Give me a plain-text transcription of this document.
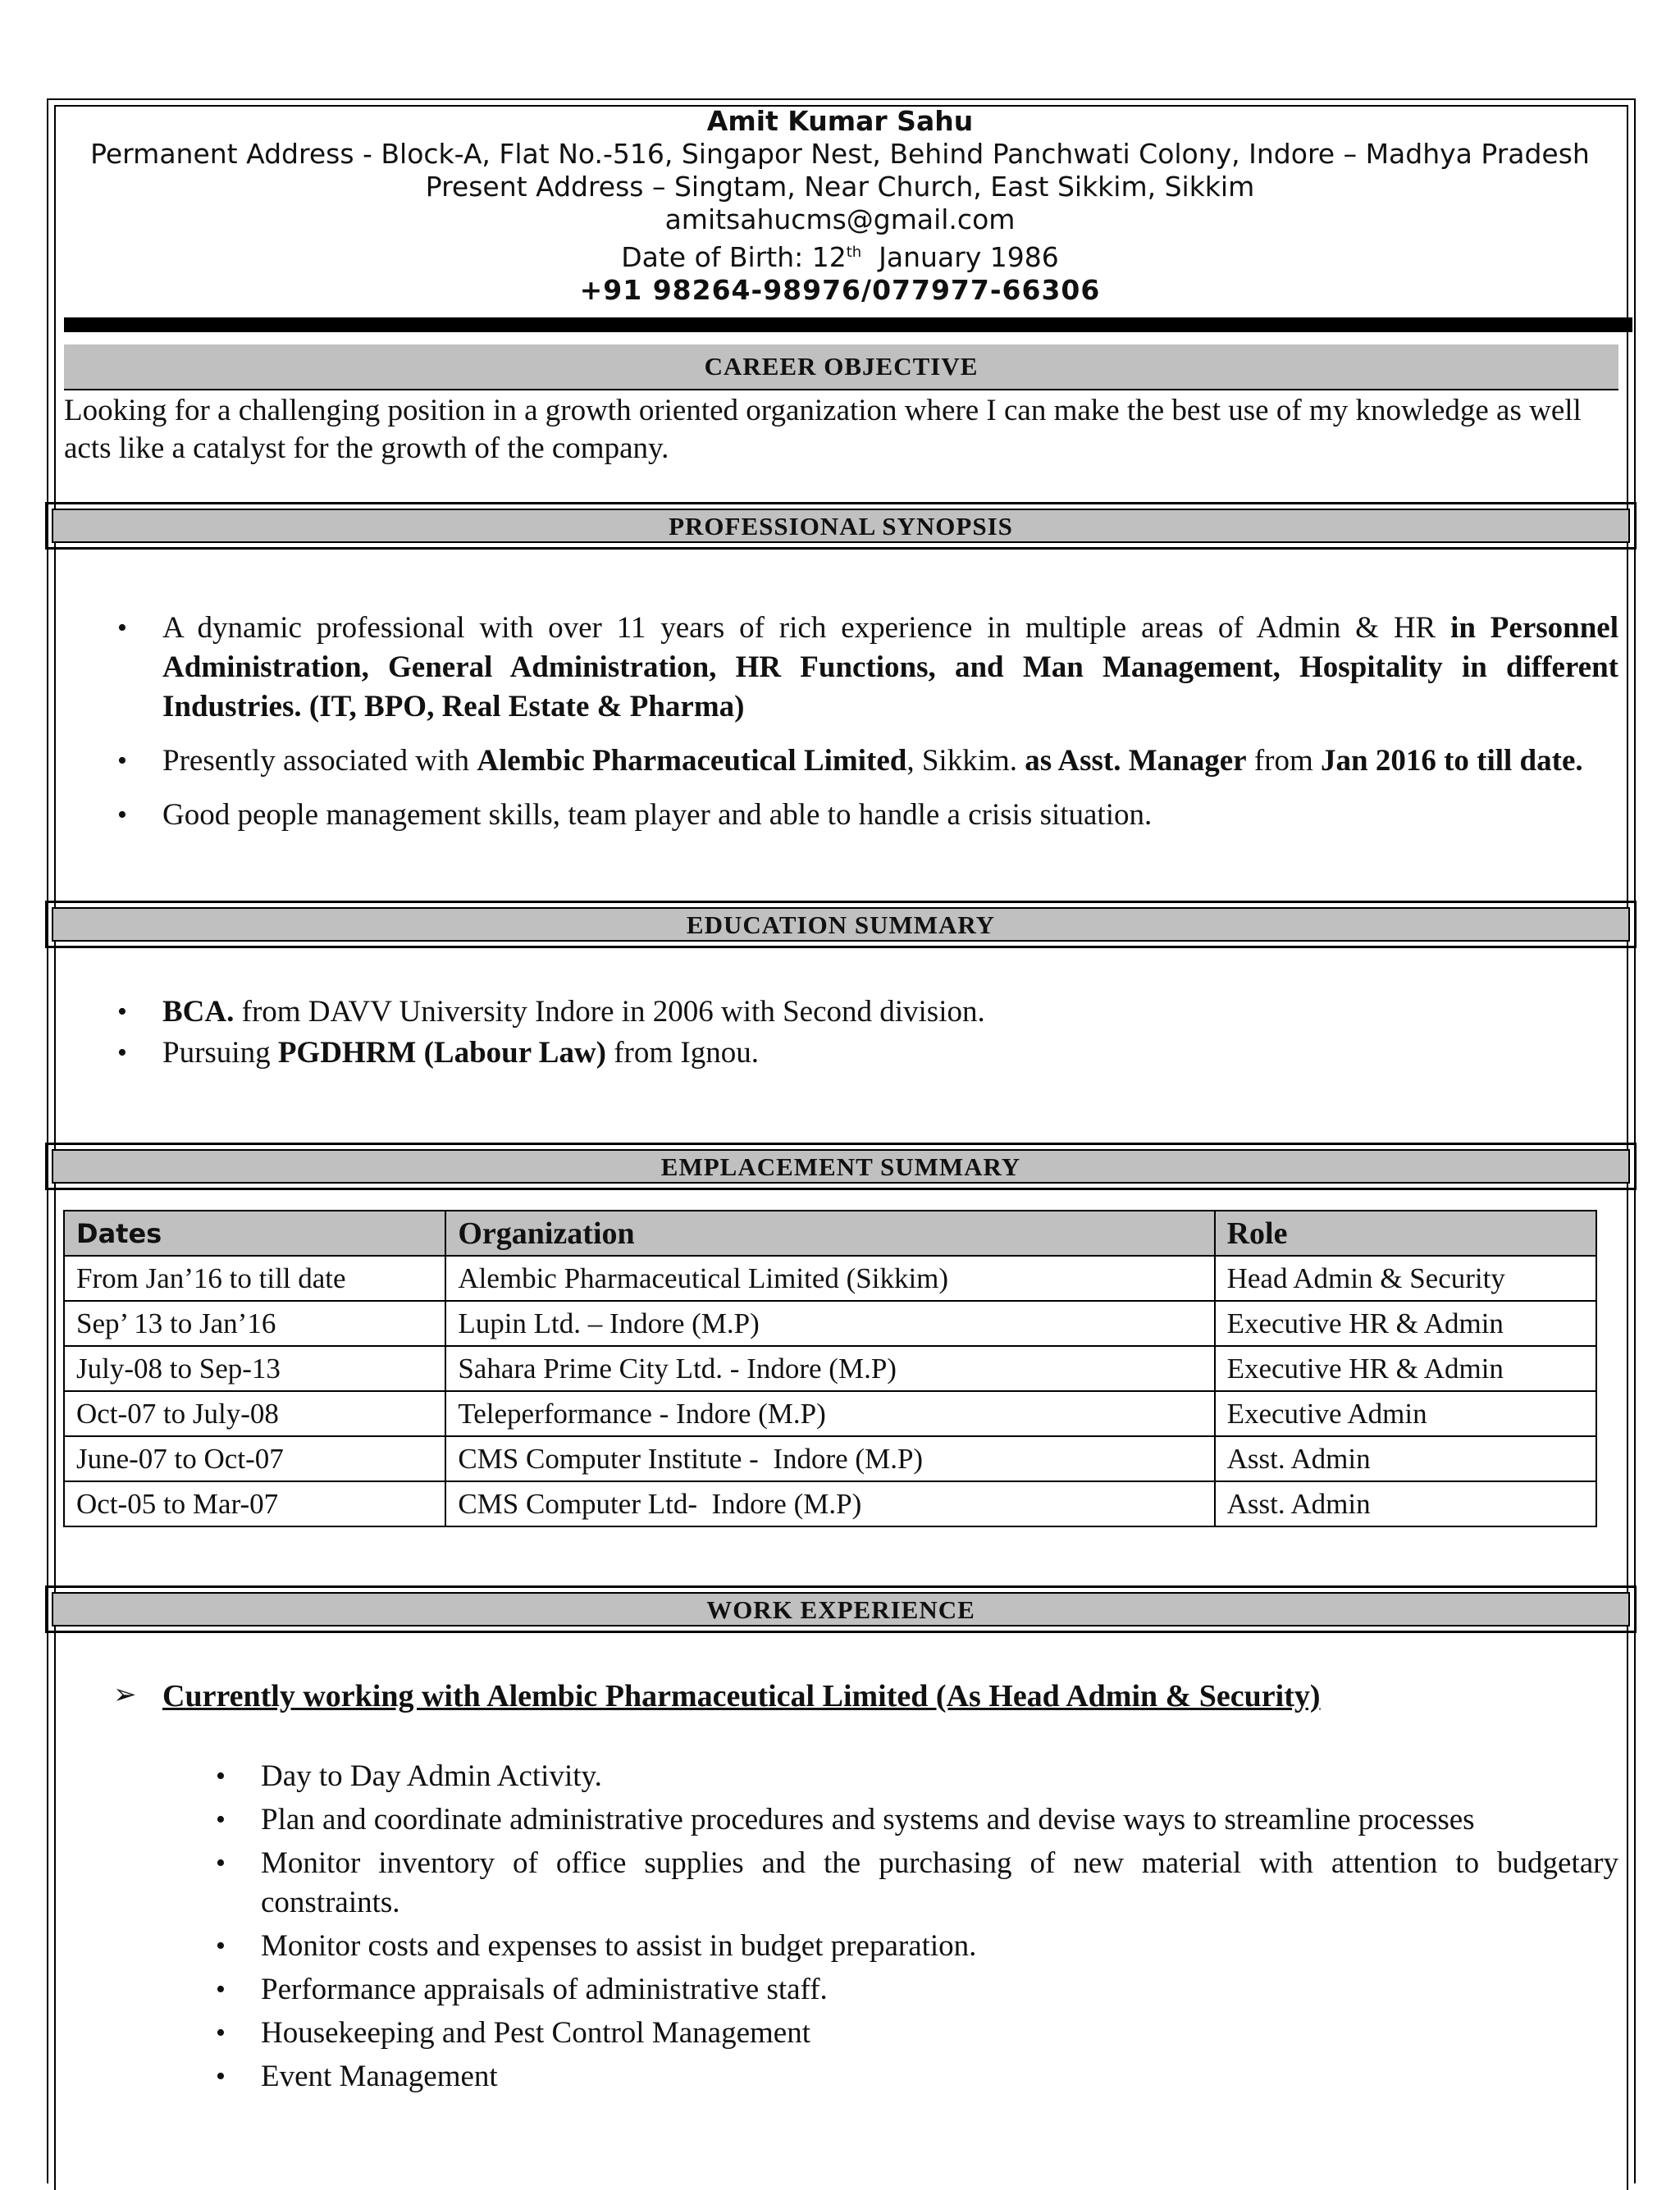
Amit Kumar Sahu
Permanent Address - Block-A, Flat No.-516, Singapor Nest, Behind Panchwati Colony, Indore – Madhya Pradesh
Present Address – Singtam, Near Church, East Sikkim, Sikkim
amitsahucms@gmail.com
Date of Birth: 12th  January 1986
+91 98264-98976/077977-66306
CAREER OBJECTIVE
Looking for a challenging position in a growth oriented organization where I can make the best use of my knowledge as well acts like a catalyst for the growth of the company.
PROFESSIONAL SYNOPSIS
• A dynamic professional with over 11 years of rich experience in multiple areas of Admin & HR in Personnel Administration, General Administration, HR Functions, and Man Management, Hospitality in different Industries. (IT, BPO, Real Estate & Pharma)
• Presently associated with Alembic Pharmaceutical Limited, Sikkim. as Asst. Manager from Jan 2016 to till date.
• Good people management skills, team player and able to handle a crisis situation.
EDUCATION SUMMARY
• BCA. from DAVV University Indore in 2006 with Second division.
• Pursuing PGDHRM (Labour Law) from Ignou.
EMPLACEMENT SUMMARY
Dates	Organization	Role
From Jan’16 to till date	Alembic Pharmaceutical Limited (Sikkim)	Head Admin & Security
Sep’ 13 to Jan’16	Lupin Ltd. – Indore (M.P)	Executive HR & Admin
July-08 to Sep-13	Sahara Prime City Ltd. - Indore (M.P)	Executive HR & Admin
Oct-07 to July-08	Teleperformance - Indore (M.P)	Executive Admin
June-07 to Oct-07	CMS Computer Institute -  Indore (M.P)	Asst. Admin
Oct-05 to Mar-07	CMS Computer Ltd-  Indore (M.P)	Asst. Admin
WORK EXPERIENCE
➢ Currently working with Alembic Pharmaceutical Limited (As Head Admin & Security)
• Day to Day Admin Activity.
• Plan and coordinate administrative procedures and systems and devise ways to streamline processes
• Monitor inventory of office supplies and the purchasing of new material with attention to budgetary constraints.
• Monitor costs and expenses to assist in budget preparation.
• Performance appraisals of administrative staff.
• Housekeeping and Pest Control Management
• Event Management
